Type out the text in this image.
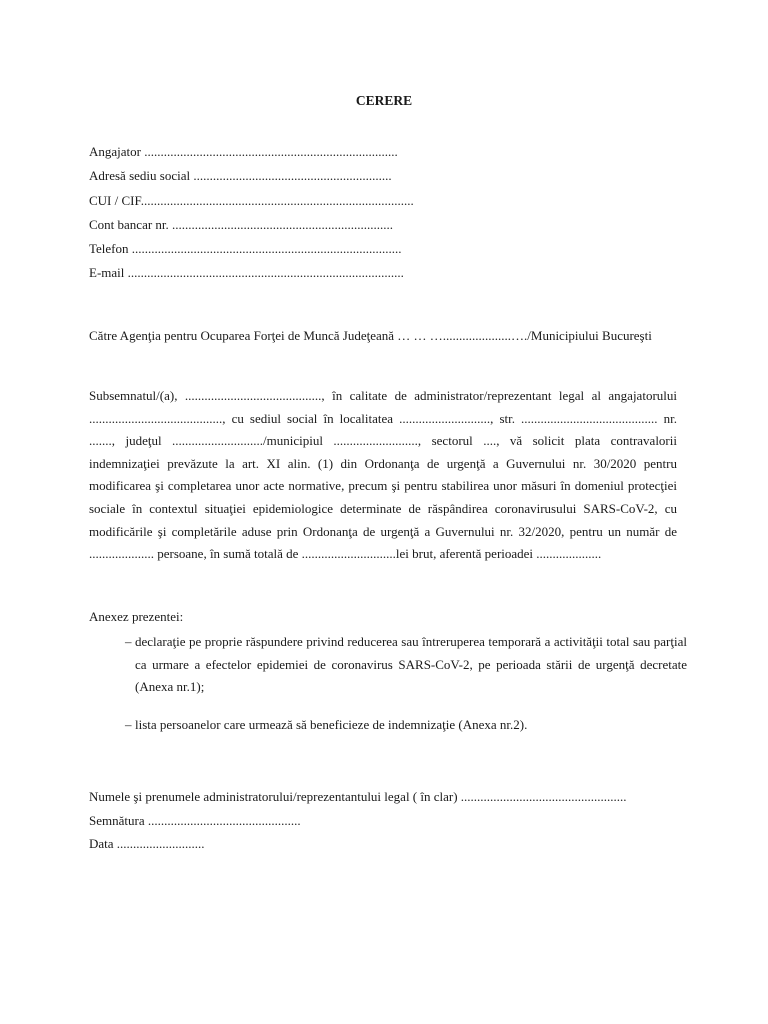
CERERE
Angajator ..............................................................................
Adresă sediu social .............................................................
CUI / CIF....................................................................................
Cont bancar nr. ....................................................................
Telefon ...................................................................................
E-mail .....................................................................................
Către Agenţia pentru Ocuparea Forţei de Muncă Judeţeană … … ….....................…./Municipiului Bucureşti

Subsemnatul/(a), .........................................., în calitate de administrator/reprezentant legal al angajatorului ........................................., cu sediul social în localitatea ............................, str. .......................................... nr. ......., judeţul ............................/municipiul .........................., sectorul ...., vă solicit plata contravalorii indemnizaţiei prevăzute la art. XI alin. (1) din Ordonanţa de urgenţă a Guvernului nr. 30/2020 pentru modificarea şi completarea unor acte normative, precum şi pentru stabilirea unor măsuri în domeniul protecţiei sociale în contextul situaţiei epidemiologice determinate de răspândirea coronavirusului SARS-CoV-2, cu modificările şi completările aduse prin Ordonanţa de urgenţă a Guvernului nr. 32/2020, pentru un număr de .................... persoane, în sumă totală de .............................lei brut, aferentă perioadei ....................

Anexez prezentei:
– declaraţie pe proprie răspundere privind reducerea sau întreruperea temporară a activităţii total sau parţial ca urmare a efectelor epidemiei de coronavirus SARS-CoV-2, pe perioada stării de urgenţă decretate (Anexa nr.1);
– lista persoanelor care urmează să beneficieze de indemnizaţie (Anexa nr.2).
Numele şi prenumele administratorului/reprezentantului legal ( în clar) ...................................................
Semnătura ...............................................
Data ...........................
